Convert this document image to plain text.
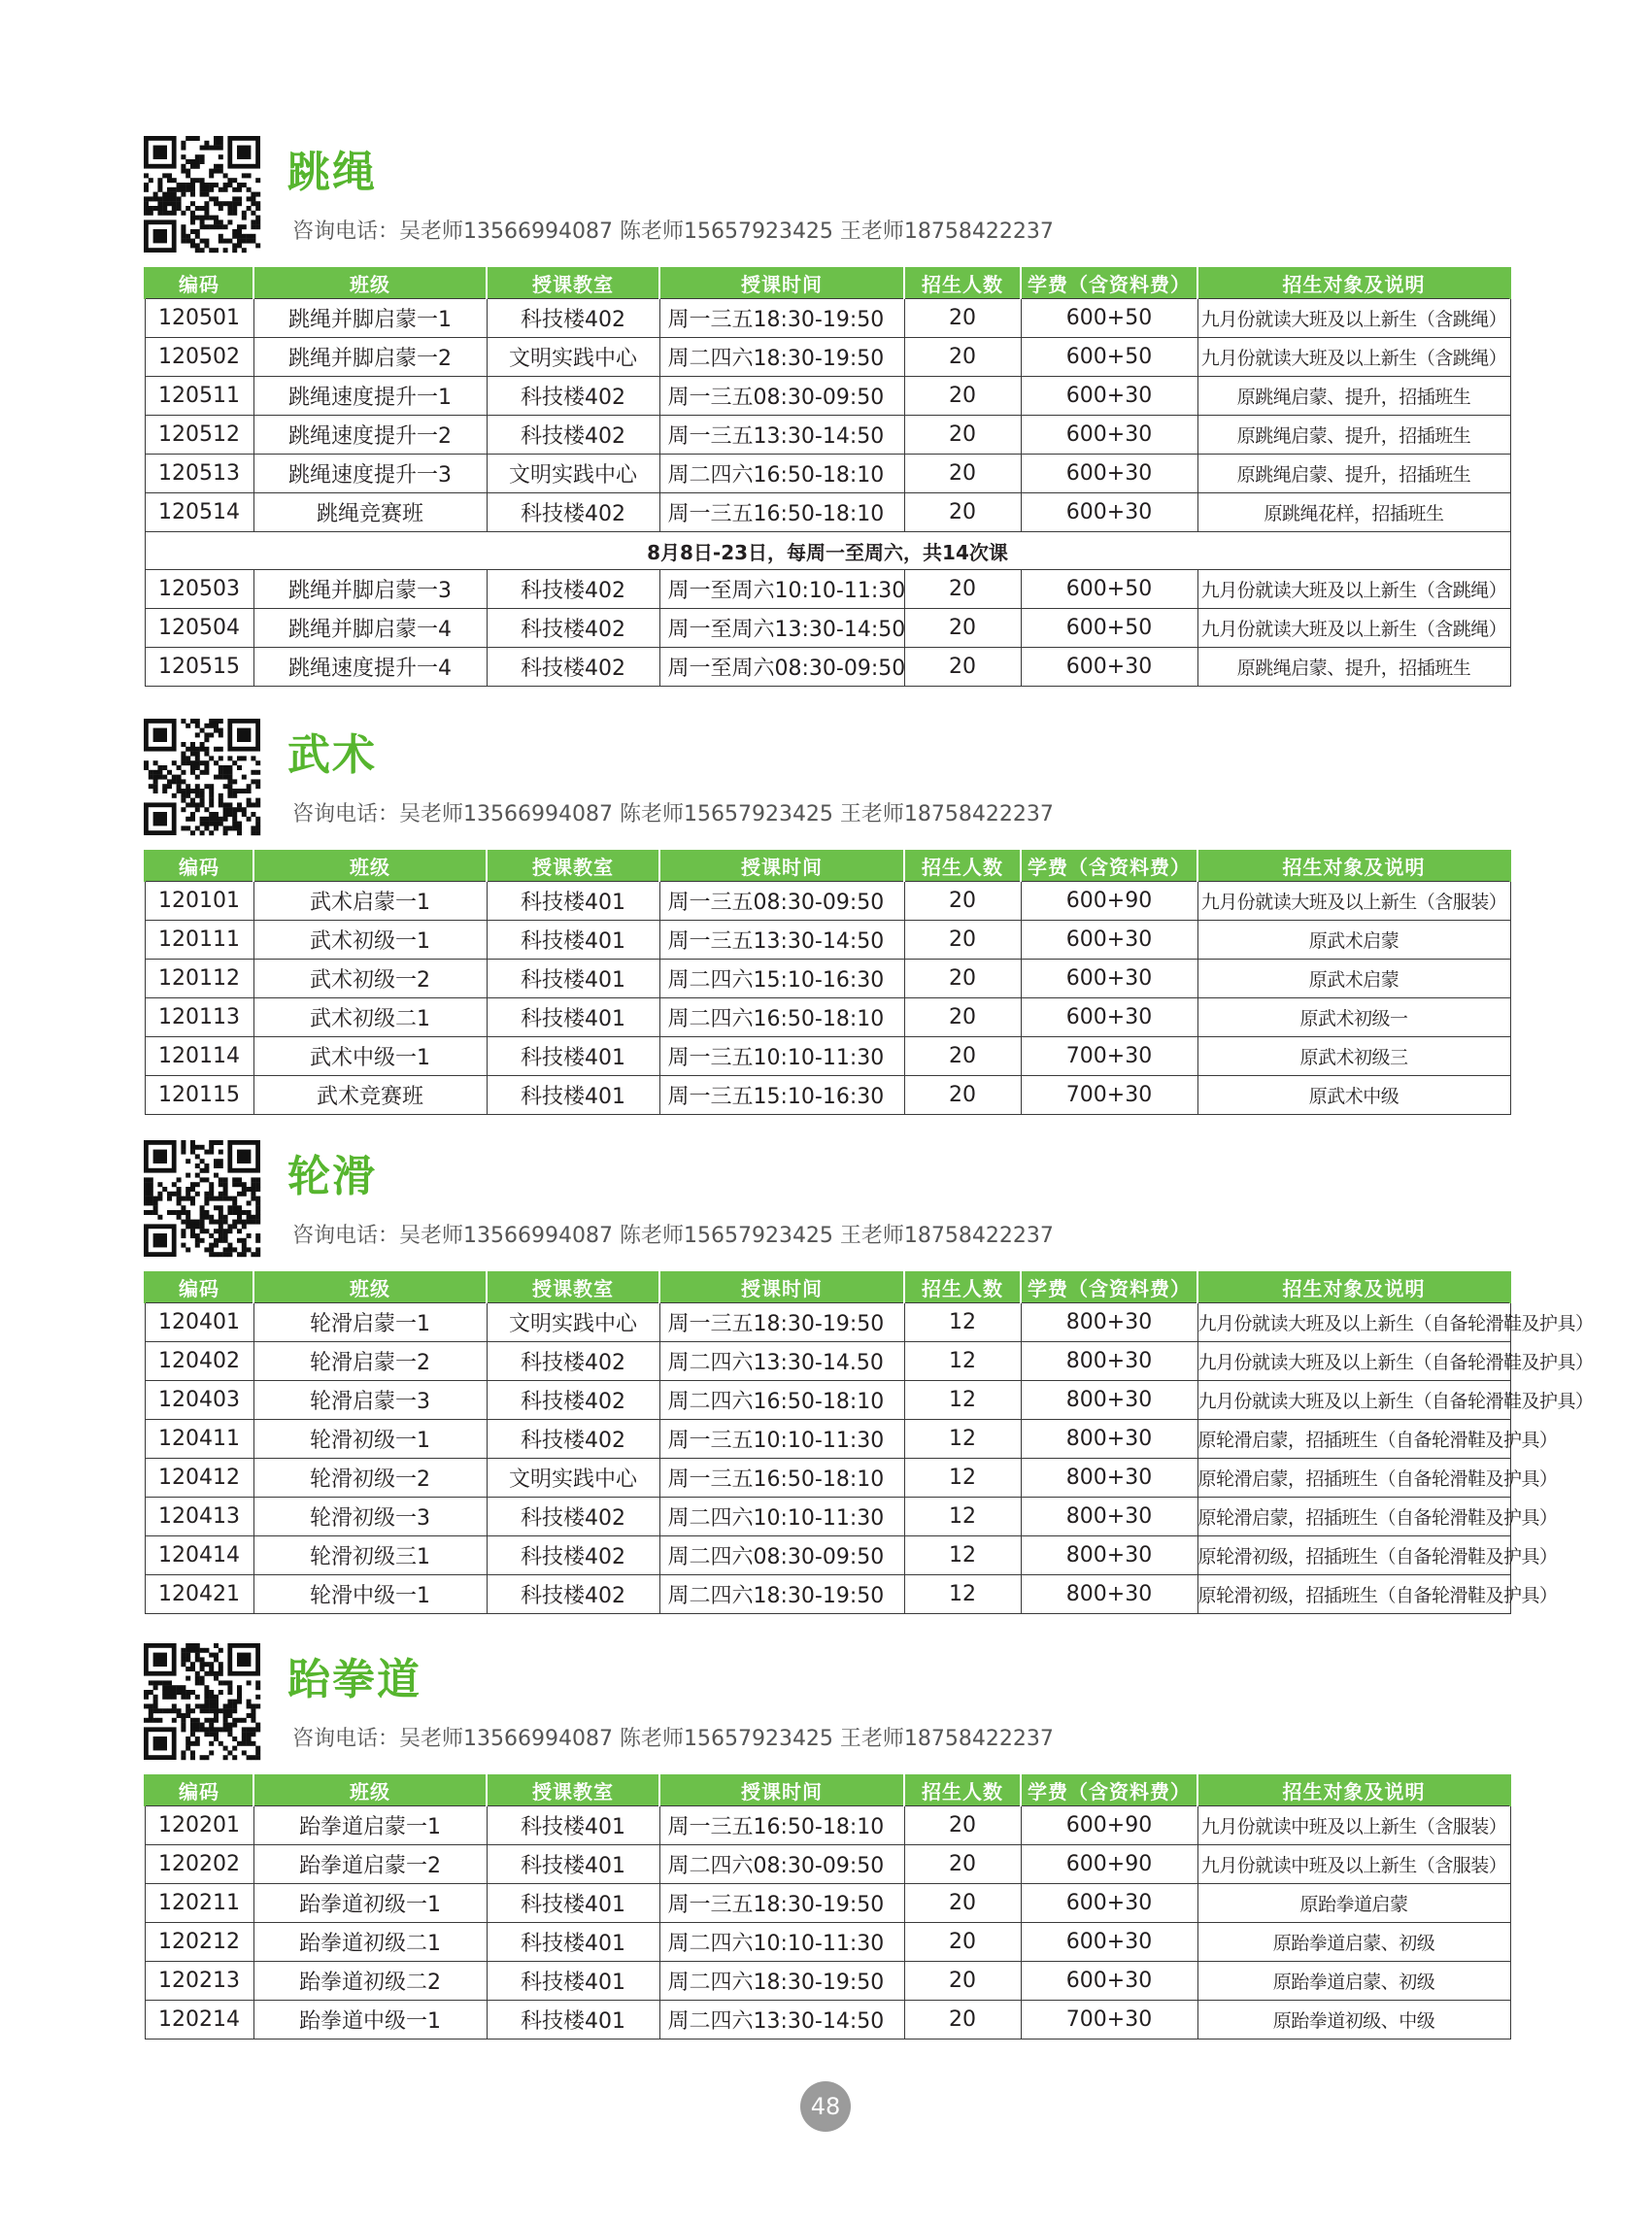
跳绳
咨询电话：吴老师13566994087 陈老师15657923425 王老师18758422237
编码	班级	授课教室	授课时间	招生人数	学费（含资料费）	招生对象及说明
120501	跳绳并脚启蒙一1	科技楼402	周一三五18:30-19:50	20	600+50	九月份就读大班及以上新生（含跳绳）
120502	跳绳并脚启蒙一2	文明实践中心	周二四六18:30-19:50	20	600+50	九月份就读大班及以上新生（含跳绳）
120511	跳绳速度提升一1	科技楼402	周一三五08:30-09:50	20	600+30	原跳绳启蒙、提升，招插班生
120512	跳绳速度提升一2	科技楼402	周一三五13:30-14:50	20	600+30	原跳绳启蒙、提升，招插班生
120513	跳绳速度提升一3	文明实践中心	周二四六16:50-18:10	20	600+30	原跳绳启蒙、提升，招插班生
120514	跳绳竞赛班	科技楼402	周一三五16:50-18:10	20	600+30	原跳绳花样，招插班生
8月8日-23日，每周一至周六，共14次课						
120503	跳绳并脚启蒙一3	科技楼402	周一至周六10:10-11:30	20	600+50	九月份就读大班及以上新生（含跳绳）
120504	跳绳并脚启蒙一4	科技楼402	周一至周六13:30-14:50	20	600+50	九月份就读大班及以上新生（含跳绳）
120515	跳绳速度提升一4	科技楼402	周一至周六08:30-09:50	20	600+30	原跳绳启蒙、提升，招插班生
武术
咨询电话：吴老师13566994087 陈老师15657923425 王老师18758422237
编码	班级	授课教室	授课时间	招生人数	学费（含资料费）	招生对象及说明
120101	武术启蒙一1	科技楼401	周一三五08:30-09:50	20	600+90	九月份就读大班及以上新生（含服装）
120111	武术初级一1	科技楼401	周一三五13:30-14:50	20	600+30	原武术启蒙
120112	武术初级一2	科技楼401	周二四六15:10-16:30	20	600+30	原武术启蒙
120113	武术初级二1	科技楼401	周二四六16:50-18:10	20	600+30	原武术初级一
120114	武术中级一1	科技楼401	周一三五10:10-11:30	20	700+30	原武术初级三
120115	武术竞赛班	科技楼401	周一三五15:10-16:30	20	700+30	原武术中级
轮滑
咨询电话：吴老师13566994087 陈老师15657923425 王老师18758422237
编码	班级	授课教室	授课时间	招生人数	学费（含资料费）	招生对象及说明
120401	轮滑启蒙一1	文明实践中心	周一三五18:30-19:50	12	800+30	九月份就读大班及以上新生（自备轮滑鞋及护具）
120402	轮滑启蒙一2	科技楼402	周二四六13:30-14.50	12	800+30	九月份就读大班及以上新生（自备轮滑鞋及护具）
120403	轮滑启蒙一3	科技楼402	周二四六16:50-18:10	12	800+30	九月份就读大班及以上新生（自备轮滑鞋及护具）
120411	轮滑初级一1	科技楼402	周一三五10:10-11:30	12	800+30	原轮滑启蒙，招插班生（自备轮滑鞋及护具）
120412	轮滑初级一2	文明实践中心	周一三五16:50-18:10	12	800+30	原轮滑启蒙，招插班生（自备轮滑鞋及护具）
120413	轮滑初级一3	科技楼402	周二四六10:10-11:30	12	800+30	原轮滑启蒙，招插班生（自备轮滑鞋及护具）
120414	轮滑初级三1	科技楼402	周二四六08:30-09:50	12	800+30	原轮滑初级，招插班生（自备轮滑鞋及护具）
120421	轮滑中级一1	科技楼402	周二四六18:30-19:50	12	800+30	原轮滑初级，招插班生（自备轮滑鞋及护具）
跆拳道
咨询电话：吴老师13566994087 陈老师15657923425 王老师18758422237
编码	班级	授课教室	授课时间	招生人数	学费（含资料费）	招生对象及说明
120201	跆拳道启蒙一1	科技楼401	周一三五16:50-18:10	20	600+90	九月份就读中班及以上新生（含服装）
120202	跆拳道启蒙一2	科技楼401	周二四六08:30-09:50	20	600+90	九月份就读中班及以上新生（含服装）
120211	跆拳道初级一1	科技楼401	周一三五18:30-19:50	20	600+30	原跆拳道启蒙
120212	跆拳道初级二1	科技楼401	周二四六10:10-11:30	20	600+30	原跆拳道启蒙、初级
120213	跆拳道初级二2	科技楼401	周二四六18:30-19:50	20	600+30	原跆拳道启蒙、初级
120214	跆拳道中级一1	科技楼401	周二四六13:30-14:50	20	700+30	原跆拳道初级、中级
48
